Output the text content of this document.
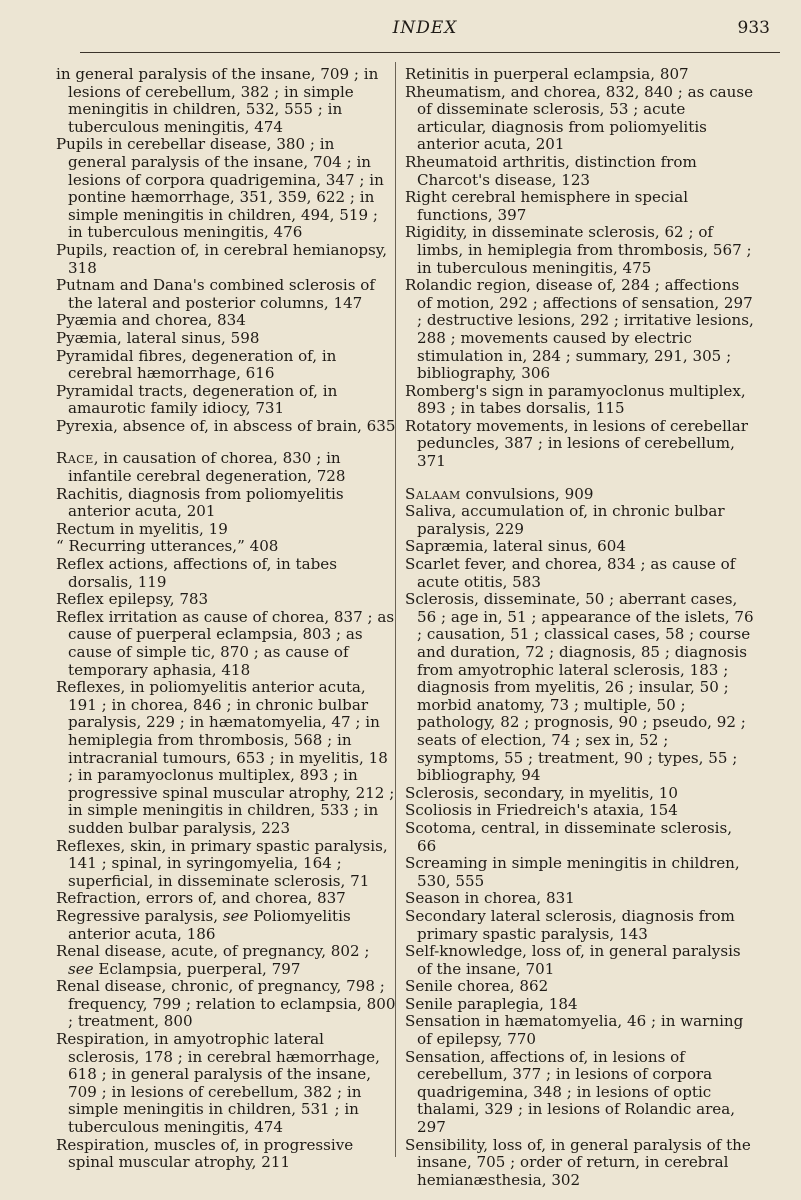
INDEX	933

in general paralysis of the insane, 709 ; in lesions of cerebellum, 382 ; in simple meningitis in children, 532, 555 ; in tuberculous meningitis, 474

Pupils in cerebellar disease, 380 ; in general paralysis of the insane, 704 ; in lesions of corpora quadrigemina, 347 ; in pontine hæmorrhage, 351, 359, 622 ; in simple meningitis in children, 494, 519 ; in tuberculous meningitis, 476

Pupils, reaction of, in cerebral hemianopsy, 318

Putnam and Dana's combined sclerosis of the lateral and posterior columns, 147

Pyæmia and chorea, 834

Pyæmia, lateral sinus, 598

Pyramidal fibres, degeneration of, in cerebral hæmorrhage, 616

Pyramidal tracts, degeneration of, in amaurotic family idiocy, 731

Pyrexia, absence of, in abscess of brain, 635

Race, in causation of chorea, 830 ; in infantile cerebral degeneration, 728

Rachitis, diagnosis from poliomyelitis anterior acuta, 201

Rectum in myelitis, 19

“ Recurring utterances,” 408

Reflex actions, affections of, in tabes dorsalis, 119

Reflex epilepsy, 783

Reflex irritation as cause of chorea, 837 ; as cause of puerperal eclampsia, 803 ; as cause of simple tic, 870 ; as cause of temporary aphasia, 418

Reflexes, in poliomyelitis anterior acuta, 191 ; in chorea, 846 ; in chronic bulbar paralysis, 229 ; in hæmatomyelia, 47 ; in hemiplegia from thrombosis, 568 ; in intracranial tumours, 653 ; in myelitis, 18 ; in paramyoclonus multiplex, 893 ; in progressive spinal muscular atrophy, 212 ; in simple meningitis in children, 533 ; in sudden bulbar paralysis, 223

Reflexes, skin, in primary spastic paralysis, 141 ; spinal, in syringomyelia, 164 ; superficial, in disseminate sclerosis, 71

Refraction, errors of, and chorea, 837

Regressive paralysis, see Poliomyelitis anterior acuta, 186

Renal disease, acute, of pregnancy, 802 ; see Eclampsia, puerperal, 797

Renal disease, chronic, of pregnancy, 798 ; frequency, 799 ; relation to eclampsia, 800 ; treatment, 800

Respiration, in amyotrophic lateral sclerosis, 178 ; in cerebral hæmorrhage, 618 ; in general paralysis of the insane, 709 ; in lesions of cerebellum, 382 ; in simple meningitis in children, 531 ; in tuberculous meningitis, 474

Respiration, muscles of, in progressive spinal muscular atrophy, 211

Retinitis in puerperal eclampsia, 807

Rheumatism, and chorea, 832, 840 ; as cause of disseminate sclerosis, 53 ; acute articular, diagnosis from poliomyelitis anterior acuta, 201

Rheumatoid arthritis, distinction from Charcot's disease, 123

Right cerebral hemisphere in special functions, 397

Rigidity, in disseminate sclerosis, 62 ; of limbs, in hemiplegia from thrombosis, 567 ; in tuberculous meningitis, 475

Rolandic region, disease of, 284 ; affections of motion, 292 ; affections of sensation, 297 ; destructive lesions, 292 ; irritative lesions, 288 ; movements caused by electric stimulation in, 284 ; summary, 291, 305 ; bibliography, 306

Romberg's sign in paramyoclonus multiplex, 893 ; in tabes dorsalis, 115

Rotatory movements, in lesions of cerebellar peduncles, 387 ; in lesions of cerebellum, 371

Salaam convulsions, 909

Saliva, accumulation of, in chronic bulbar paralysis, 229

Sapræmia, lateral sinus, 604

Scarlet fever, and chorea, 834 ; as cause of acute otitis, 583

Sclerosis, disseminate, 50 ; aberrant cases, 56 ; age in, 51 ; appearance of the islets, 76 ; causation, 51 ; classical cases, 58 ; course and duration, 72 ; diagnosis, 85 ; diagnosis from amyotrophic lateral sclerosis, 183 ; diagnosis from myelitis, 26 ; insular, 50 ; morbid anatomy, 73 ; multiple, 50 ; pathology, 82 ; prognosis, 90 ; pseudo, 92 ; seats of election, 74 ; sex in, 52 ; symptoms, 55 ; treatment, 90 ; types, 55 ; bibliography, 94

Sclerosis, secondary, in myelitis, 10

Scoliosis in Friedreich's ataxia, 154

Scotoma, central, in disseminate sclerosis, 66

Screaming in simple meningitis in children, 530, 555

Season in chorea, 831

Secondary lateral sclerosis, diagnosis from primary spastic paralysis, 143

Self-knowledge, loss of, in general paralysis of the insane, 701

Senile chorea, 862

Senile paraplegia, 184

Sensation in hæmatomyelia, 46 ; in warning of epilepsy, 770

Sensation, affections of, in lesions of cerebellum, 377 ; in lesions of corpora quadrigemina, 348 ; in lesions of optic thalami, 329 ; in lesions of Rolandic area, 297

Sensibility, loss of, in general paralysis of the insane, 705 ; order of return, in cerebral hemianæsthesia, 302
